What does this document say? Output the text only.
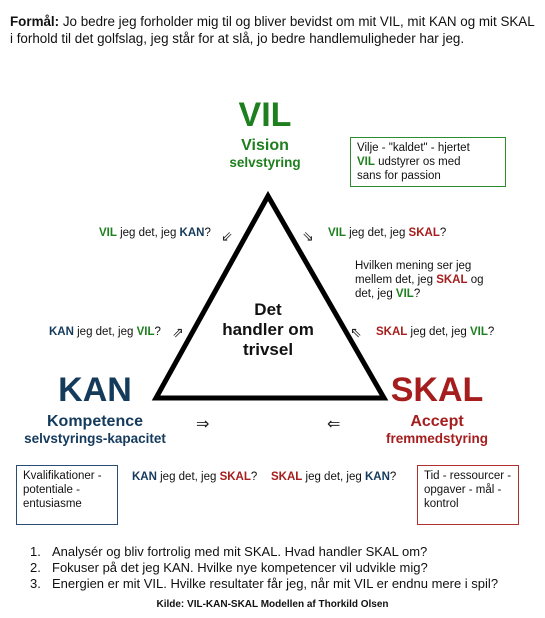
Formål: Jo bedre jeg forholder mig til og bliver bevidst om mit VIL, mit KAN og mit SKAL i forhold til det golfslag, jeg står for at slå, jo bedre handlemuligheder har jeg.
VIL
Vision
selvstyring
Vilje - "kaldet" - hjertet
VIL udstyrer os med
sans for passion
VIL jeg det, jeg KAN? ⇙	⇘ VIL jeg det, jeg SKAL?
Hvilken mening ser jeg
mellem det, jeg SKAL og
det, jeg VIL?
KAN jeg det, jeg VIL? ⇗	⇖ SKAL jeg det, jeg VIL?
Det
handler om
trivsel
KAN
Kompetence
selvstyrings-kapacitet
SKAL
Accept
fremmedstyring
⇒	⇐
Kvalifikationer -
potentiale -
entusiasme
KAN jeg det, jeg SKAL? SKAL jeg det, jeg KAN? Tid - ressourcer -
opgaver - mål -
kontrol
1. Analysér og bliv fortrolig med mit SKAL. Hvad handler SKAL om?
2. Fokuser på det jeg KAN. Hvilke nye kompetencer vil udvikle mig?
3. Energien er mit VIL. Hvilke resultater får jeg, når mit VIL er endnu mere i spil?
Kilde: VIL-KAN-SKAL Modellen af Thorkild Olsen
